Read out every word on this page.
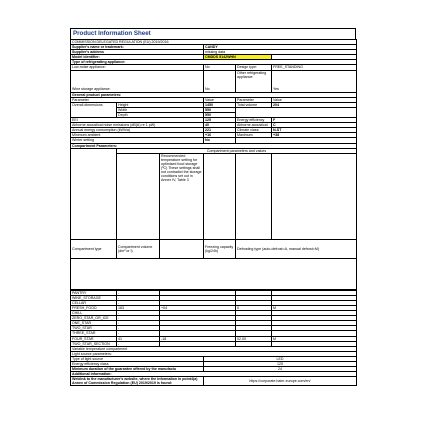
Product Information Sheet
COMMISSION DELEGATED REGULATION (EU) 2019/2016					
Supplier's name or trademark:			CANDY		
Supplier's address			missing data		
Model identifier:			CMDDS 5142WHN		
Type of refrigerating appliance:					
Low-noise appliance:			No	Design type:	FREE_STANDING
Wine storage appliance:			No	Other refrigerating appliance:	Yes
General product parameters:					
Parameter			Value	Parameter	Value
Overall dimensions	Height		1450	Total volume	204
	Width		550		
	Depth		550		
EEI			125	Energy efficiency	F
Airborne acoustical noise emissions (dB(A) re 1 pW)			40	Airborne acoustical	C
Annual energy consumption (kWh/a)			221	Climate class:	N-ST
Minimum ambient			+16	Maximum	+38
Winter setting			No		
Compartment Parameters:					
	Compartment parameters and values				
		Recommended temperature setting for optimised food storage (ºC) These settings shall not contradict the storage conditions set out in Annex IV, Table 3			
Compartment type	Compartment volume (dm³ or l)		Freezing capacity (kg/24h)	Defrosting type (auto-defrost=A, manual defrost=M)	

PANTRY	-				
WINE_STORAGE	-				
CELLAR	-				
FRESH_FOOD	163	+04		0	M
CHILL	-				
ZERO_STAR_OR_ICE	-				
ONE_STAR	-				
TWO_STAR	-				
THREE_STAR	-				
FOUR_STAR	41	-18		02.00	M
TWO_STAR_SECTION	-				
Variable temperature compartment					
Light source parameters:					
Type of light source			LED		
Energy efficiency class			125		
Minimum duration of the guarantee offered by the manufactu			24		
Additional information:					
Weblink to the manufacturer's website, where the information in point4(a) Annex of Commission Regulation (EU) 2019/2019 is found:			https://corporate.haier-europe.com/en/		
